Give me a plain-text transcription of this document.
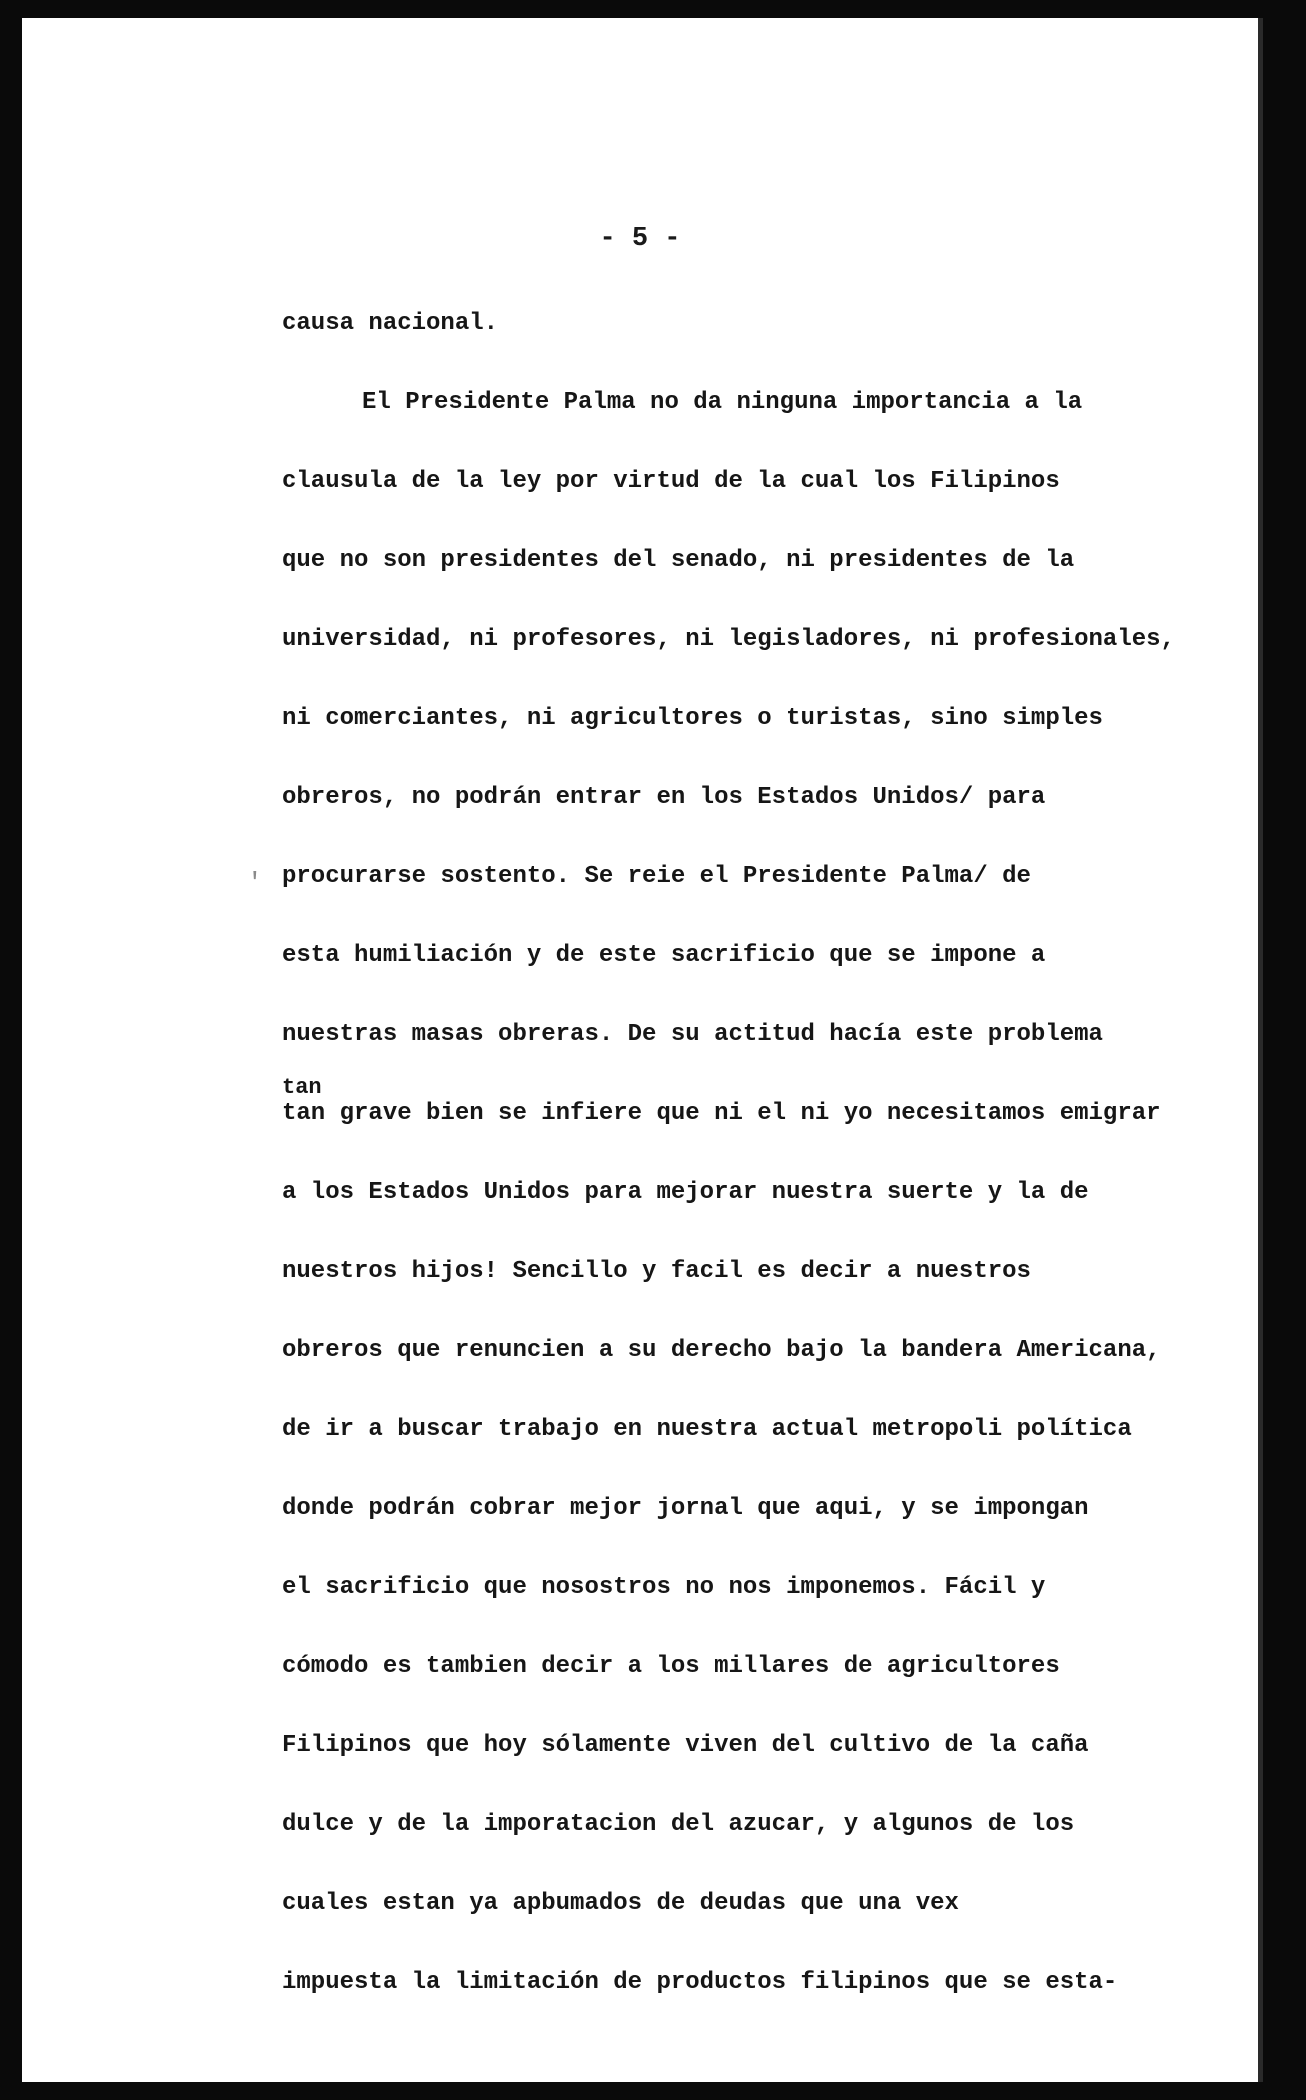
- 5 -
causa nacional.
El Presidente Palma no da ninguna importancia a la
clausula de la ley por virtud de la cual los Filipinos
que no son presidentes del senado, ni presidentes de la
universidad, ni profesores, ni legisladores, ni profesionales,
ni comerciantes, ni agricultores o turistas, sino simples
obreros, no podrán entrar en los Estados Unidos/ para
procurarse sostento. Se reie el Presidente Palma/ de
esta humiliación y de este sacrificio que se impone a
nuestras masas obreras. De su actitud hacía este problema
tan
tan grave bien se infiere que ni el ni yo necesitamos emigrar
a los Estados Unidos para mejorar nuestra suerte y la de
nuestros hijos! Sencillo y facil es decir a nuestros
obreros que renuncien a su derecho bajo la bandera Americana,
de ir a buscar trabajo en nuestra actual metropoli política
donde podrán cobrar mejor jornal que aqui, y se impongan
el sacrificio que nosostros no nos imponemos. Fácil y
cómodo es tambien decir a los millares de agricultores
Filipinos que hoy sólamente viven del cultivo de la caña
dulce y de la imporatacion del azucar, y algunos de los
cuales estan ya apbumados de deudas que una vex
impuesta la limitación de productos filipinos que se esta-
'
